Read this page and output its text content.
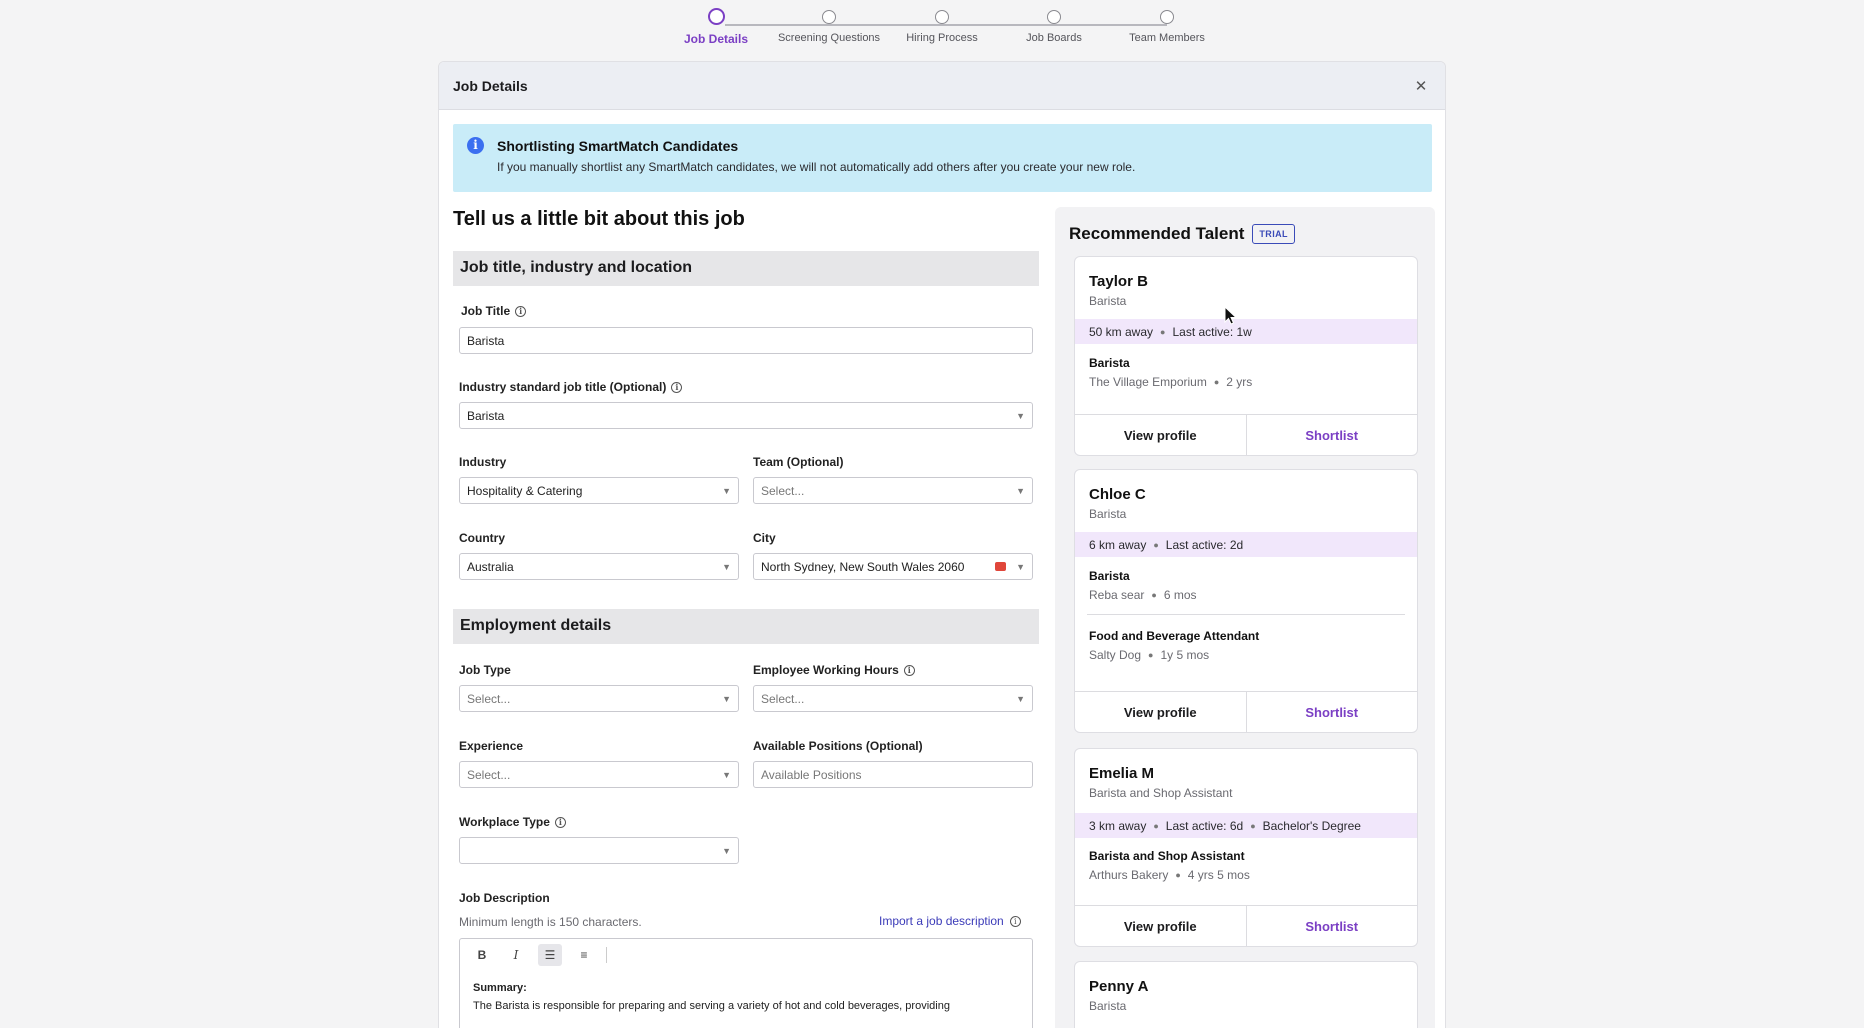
Job Details	Screening Questions	Hiring Process	Job Boards	Team Members
Job Details	✕
i	Shortlisting SmartMatch Candidates
If you manually shortlist any SmartMatch candidates, we will not automatically add others after you create your new role.
Tell us a little bit about this job
Job title, industry and location
Job Title	i
Barista
Industry standard job title (Optional)	i
Barista	▼
Industry
Hospitality & Catering	▼
Team (Optional)
Select...	▼
Country
Australia	▼
City
North Sydney, New South Wales 2060	▼
Employment details
Job Type
Select...	▼
Employee Working Hours	i
Select...	▼
Experience
Select...	▼
Available Positions (Optional)
Available Positions
Workplace Type	i
▼
Job Description
Minimum length is 150 characters.	Import a job description	i
B	I	☰	≡
Summary:
The Barista is responsible for preparing and serving a variety of hot and cold beverages, providing
Recommended Talent	TRIAL
Taylor B
Barista
50 km away ● Last active: 1w
Barista
The Village Emporium ● 2 yrs
View profile	Shortlist
Chloe C
Barista
6 km away ● Last active: 2d
Barista
Reba sear ● 6 mos
Food and Beverage Attendant
Salty Dog ● 1y 5 mos
View profile	Shortlist
Emelia M
Barista and Shop Assistant
3 km away ● Last active: 6d ● Bachelor's Degree
Barista and Shop Assistant
Arthurs Bakery ● 4 yrs 5 mos
View profile	Shortlist
Penny A
Barista
